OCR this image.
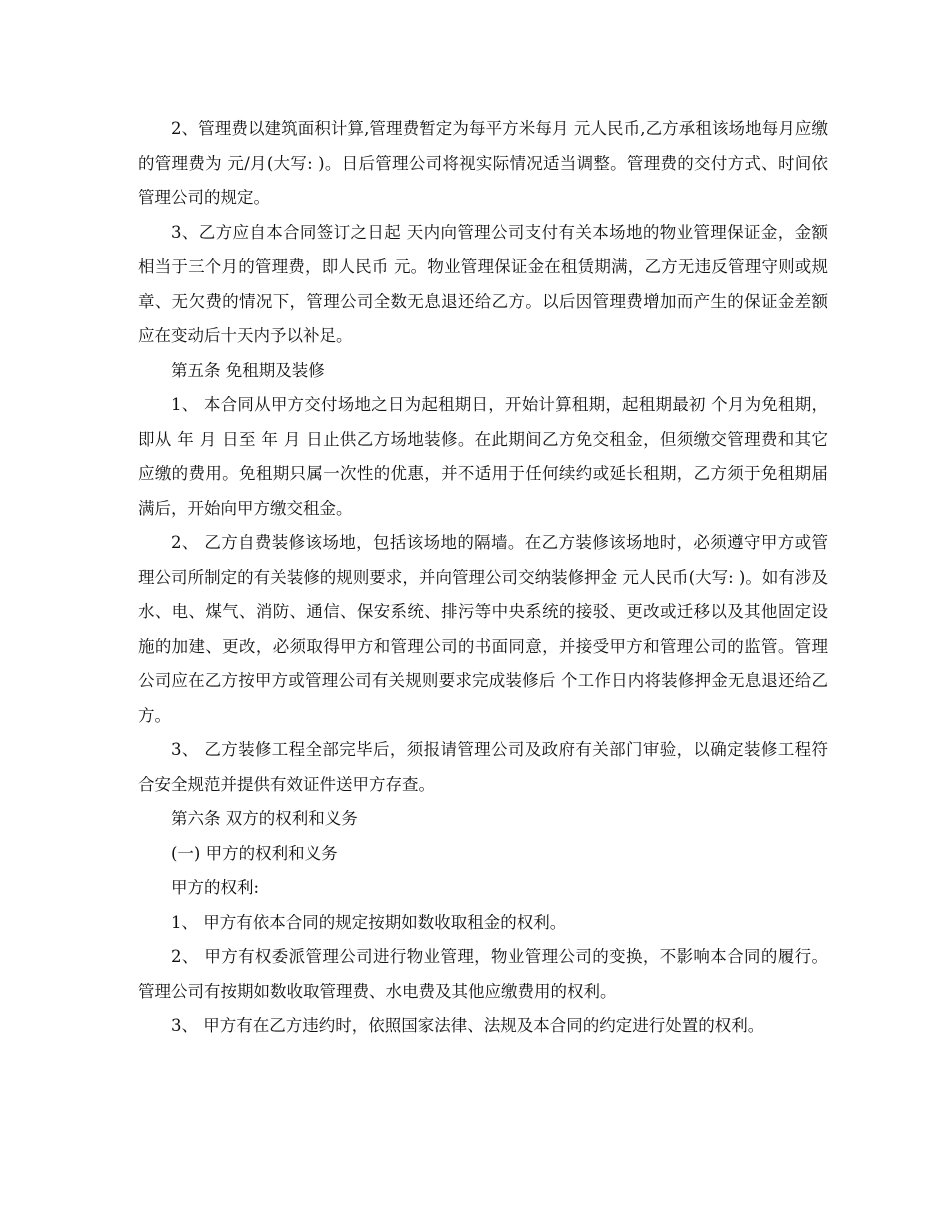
2、管理费以建筑面积计算,管理费暂定为每平方米每月 元人民币,乙方承租该场地每月应缴的管理费为 元/月(大写: )。日后管理公司将视实际情况适当调整。管理费的交付方式、时间依管理公司的规定。

3、乙方应自本合同签订之日起 天内向管理公司支付有关本场地的物业管理保证金，金额相当于三个月的管理费，即人民币 元。物业管理保证金在租赁期满，乙方无违反管理守则或规章、无欠费的情况下，管理公司全数无息退还给乙方。以后因管理费增加而产生的保证金差额应在变动后十天内予以补足。

第五条 免租期及装修

1、 本合同从甲方交付场地之日为起租期日，开始计算租期，起租期最初 个月为免租期，即从 年 月 日至 年 月 日止供乙方场地装修。在此期间乙方免交租金，但须缴交管理费和其它应缴的费用。免租期只属一次性的优惠，并不适用于任何续约或延长租期，乙方须于免租期届满后，开始向甲方缴交租金。

2、 乙方自费装修该场地，包括该场地的隔墙。在乙方装修该场地时，必须遵守甲方或管理公司所制定的有关装修的规则要求，并向管理公司交纳装修押金 元人民币(大写: )。如有涉及水、电、煤气、消防、通信、保安系统、排污等中央系统的接驳、更改或迁移以及其他固定设施的加建、更改，必须取得甲方和管理公司的书面同意，并接受甲方和管理公司的监管。管理公司应在乙方按甲方或管理公司有关规则要求完成装修后 个工作日内将装修押金无息退还给乙方。

3、 乙方装修工程全部完毕后，须报请管理公司及政府有关部门审验，以确定装修工程符合安全规范并提供有效证件送甲方存查。

第六条 双方的权利和义务

(一) 甲方的权利和义务

甲方的权利:

1、 甲方有依本合同的规定按期如数收取租金的权利。

2、 甲方有权委派管理公司进行物业管理，物业管理公司的变换，不影响本合同的履行。管理公司有按期如数收取管理费、水电费及其他应缴费用的权利。

3、 甲方有在乙方违约时，依照国家法律、法规及本合同的约定进行处置的权利。
